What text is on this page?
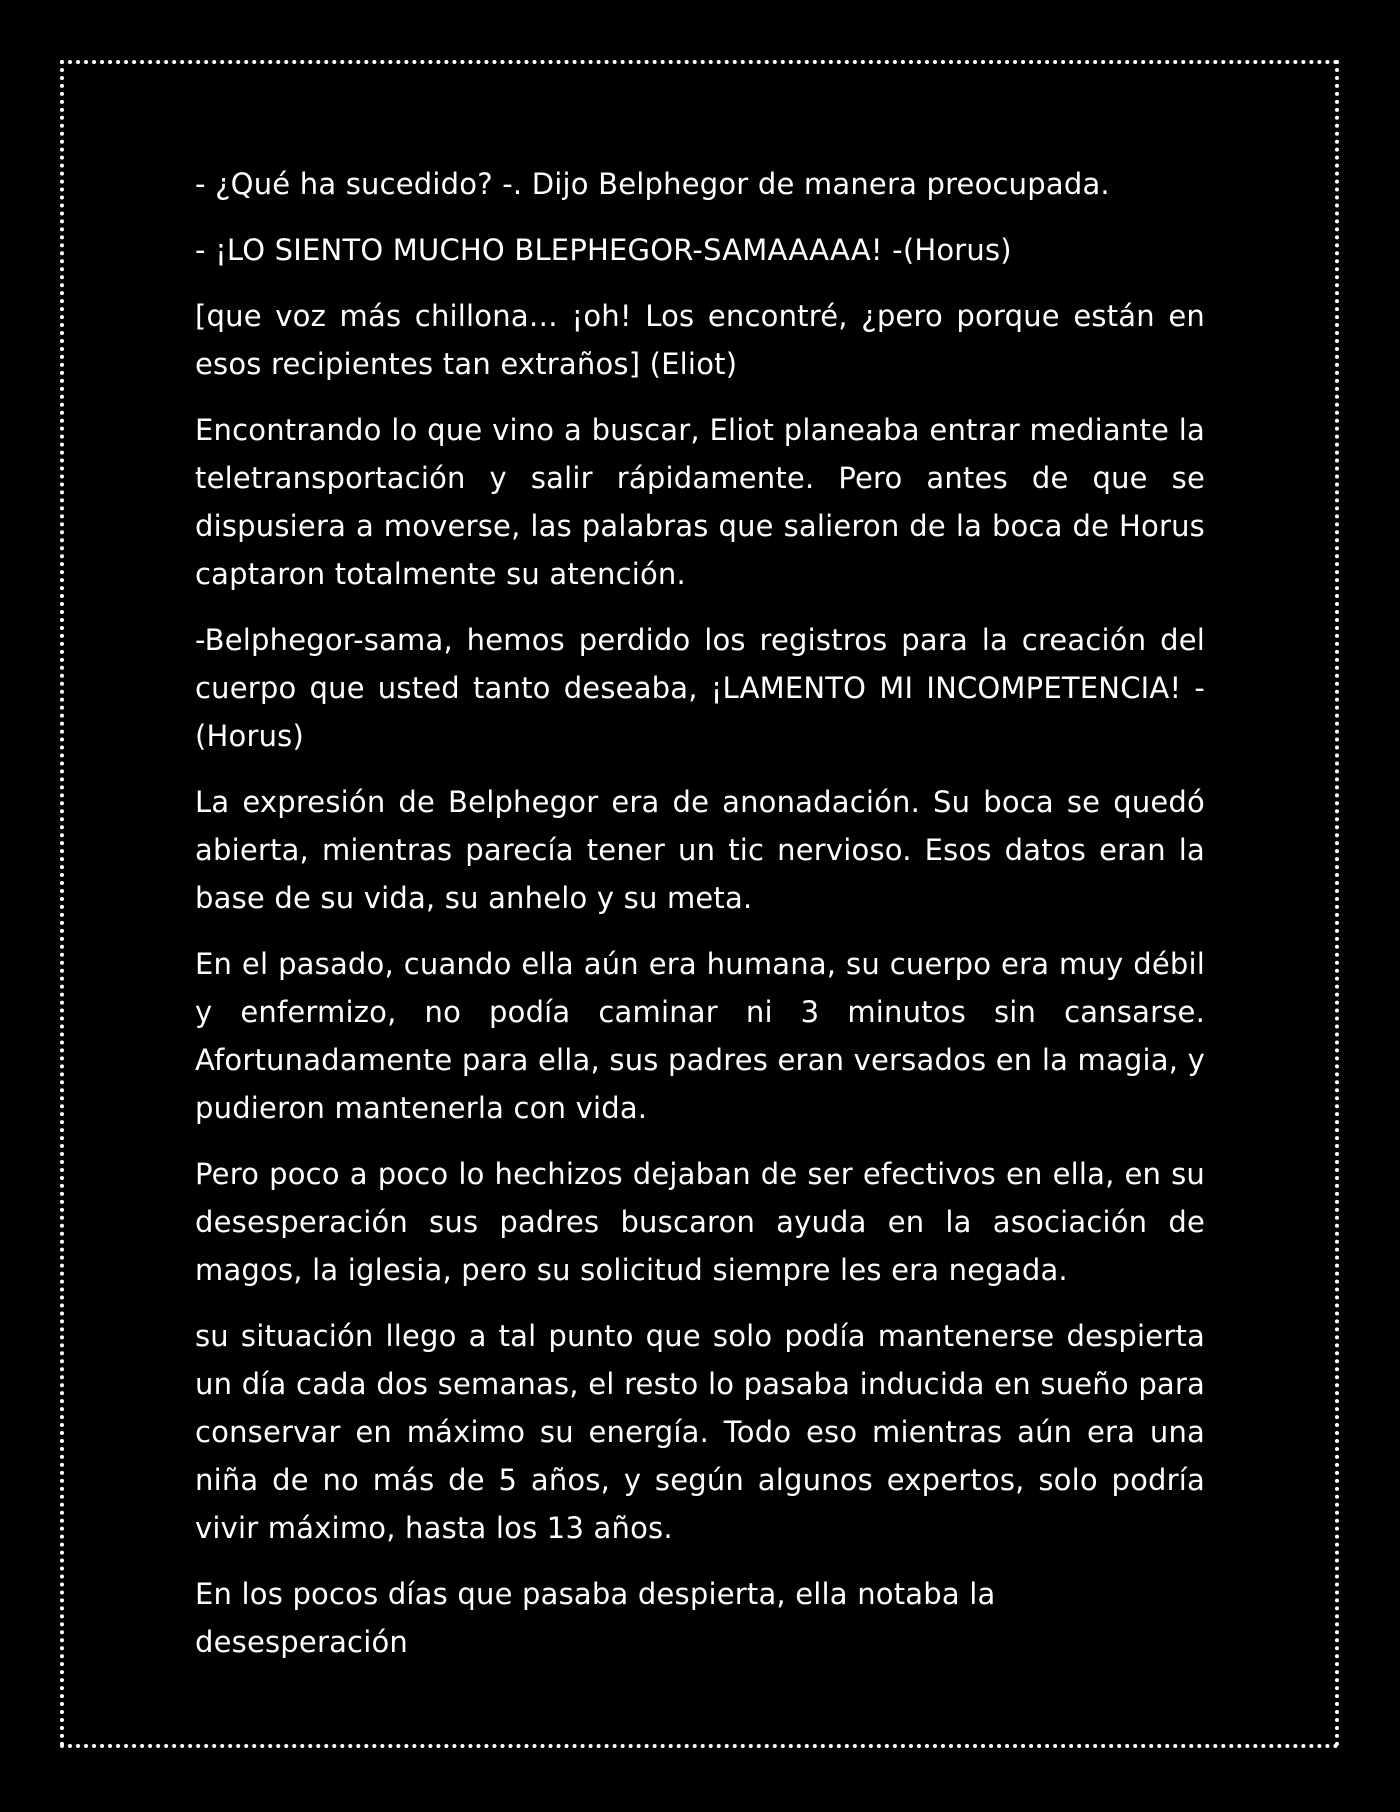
- ¿Qué ha sucedido? -. Dijo Belphegor de manera preocupada.

- ¡LO SIENTO MUCHO BLEPHEGOR-SAMAAAAA! -(Horus)

[que voz más chillona… ¡oh! Los encontré, ¿pero porque están en esos recipientes tan extraños] (Eliot)

Encontrando lo que vino a buscar, Eliot planeaba entrar mediante la teletransportación y salir rápidamente. Pero antes de que se dispusiera a moverse, las palabras que salieron de la boca de Horus captaron totalmente su atención.

-Belphegor-sama, hemos perdido los registros para la creación del cuerpo que usted tanto deseaba, ¡LAMENTO MI INCOMPETENCIA! -(Horus)

La expresión de Belphegor era de anonadación. Su boca se quedó abierta, mientras parecía tener un tic nervioso. Esos datos eran la base de su vida, su anhelo y su meta.

En el pasado, cuando ella aún era humana, su cuerpo era muy débil y enfermizo, no podía caminar ni 3 minutos sin cansarse. Afortunadamente para ella, sus padres eran versados en la magia, y pudieron mantenerla con vida.

Pero poco a poco lo hechizos dejaban de ser efectivos en ella, en su desesperación sus padres buscaron ayuda en la asociación de magos, la iglesia, pero su solicitud siempre les era negada.

su situación llego a tal punto que solo podía mantenerse despierta un día cada dos semanas, el resto lo pasaba inducida en sueño para conservar en máximo su energía. Todo eso mientras aún era una niña de no más de 5 años, y según algunos expertos, solo podría vivir máximo, hasta los 13 años.

En los pocos días que pasaba despierta, ella notaba la desesperación
